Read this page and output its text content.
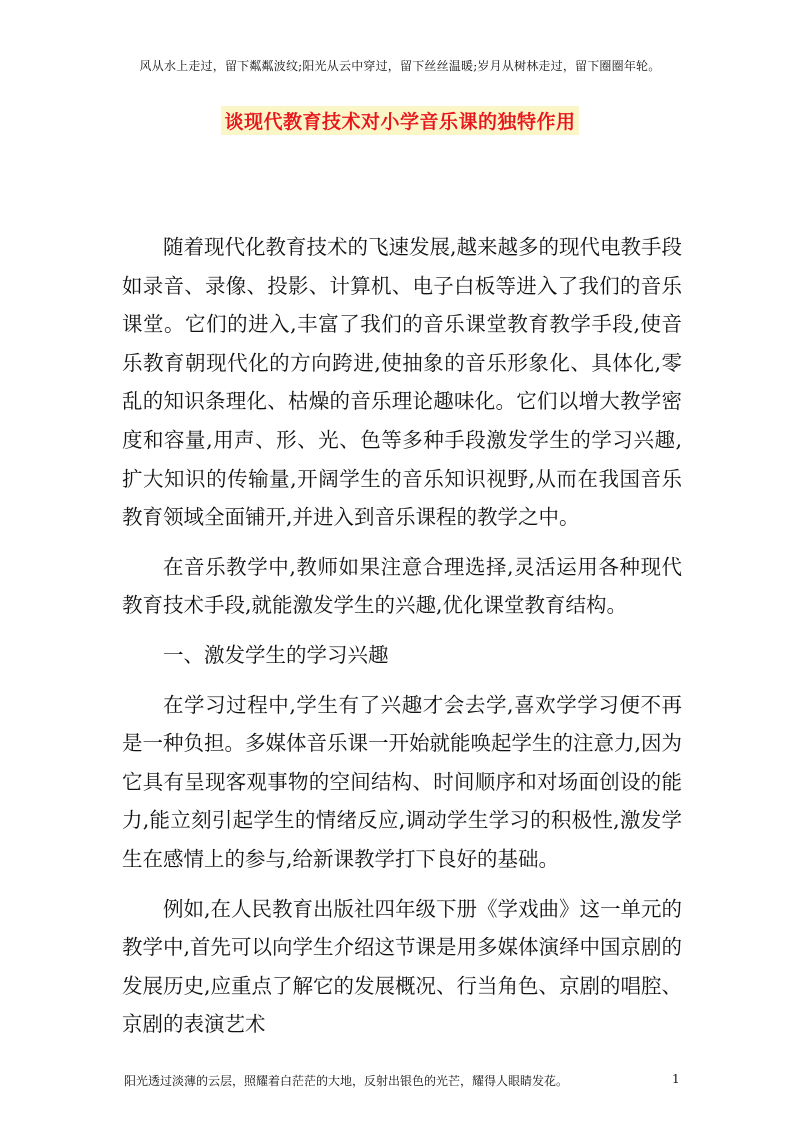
风从水上走过，留下粼粼波纹;阳光从云中穿过，留下丝丝温暖;岁月从树林走过，留下圈圈年轮。
谈现代教育技术对小学音乐课的独特作用

随着现代化教育技术的飞速发展,越来越多的现代电教手段如录音、录像、投影、计算机、电子白板等进入了我们的音乐课堂。它们的进入,丰富了我们的音乐课堂教育教学手段,使音乐教育朝现代化的方向跨进,使抽象的音乐形象化、具体化,零乱的知识条理化、枯燥的音乐理论趣味化。它们以增大教学密度和容量,用声、形、光、色等多种手段激发学生的学习兴趣,扩大知识的传输量,开阔学生的音乐知识视野,从而在我国音乐教育领域全面铺开,并进入到音乐课程的教学之中。

在音乐教学中,教师如果注意合理选择,灵活运用各种现代教育技术手段,就能激发学生的兴趣,优化课堂教育结构。

一、激发学生的学习兴趣

在学习过程中,学生有了兴趣才会去学,喜欢学学习便不再是一种负担。多媒体音乐课一开始就能唤起学生的注意力,因为它具有呈现客观事物的空间结构、时间顺序和对场面创设的能力,能立刻引起学生的情绪反应,调动学生学习的积极性,激发学生在感情上的参与,给新课教学打下良好的基础。

例如,在人民教育出版社四年级下册《学戏曲》这一单元的教学中,首先可以向学生介绍这节课是用多媒体演绎中国京剧的发展历史,应重点了解它的发展概况、行当角色、京剧的唱腔、京剧的表演艺术

阳光透过淡薄的云层，照耀着白茫茫的大地，反射出银色的光芒，耀得人眼睛发花。	1
